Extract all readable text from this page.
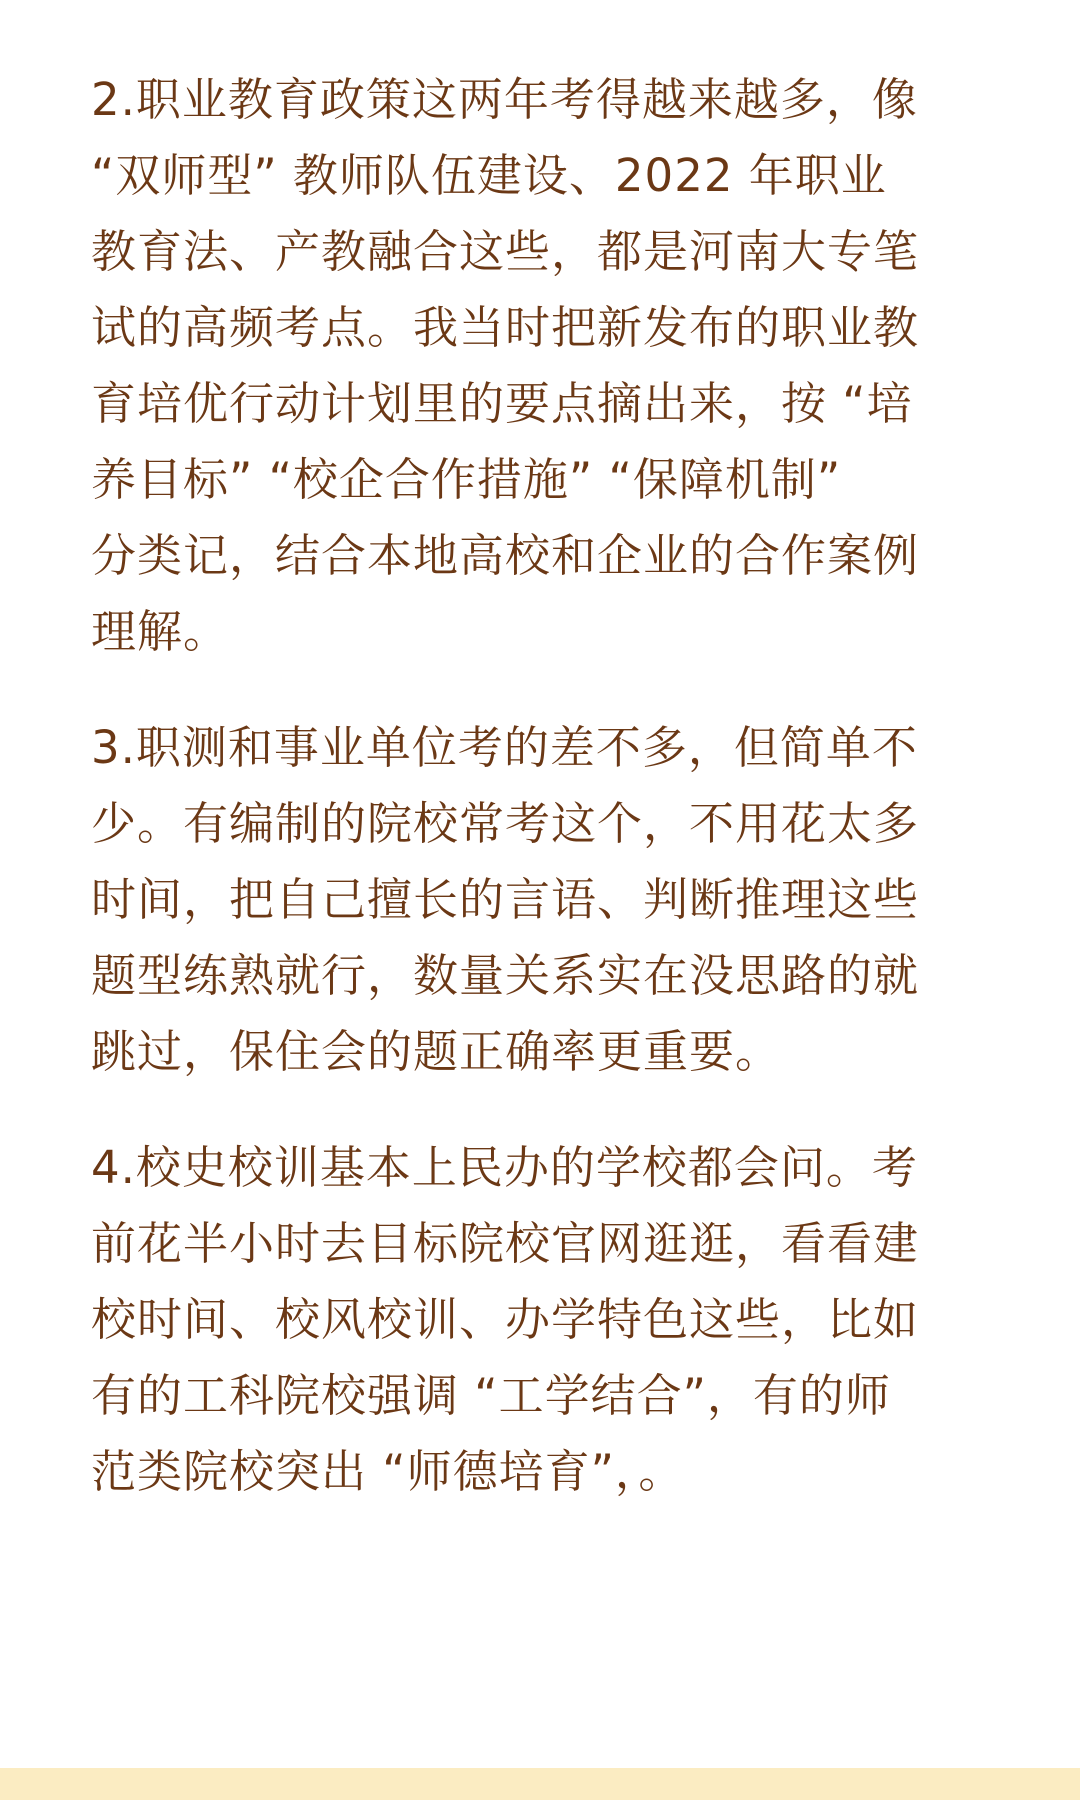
2.职业教育政策这两年考得越来越多，像
“双师型” 教师队伍建设、2022 年职业
教育法、产教融合这些，都是河南大专笔
试的高频考点。我当时把新发布的职业教
育培优行动计划里的要点摘出来，按 “培
养目标” “校企合作措施” “保障机制”
分类记，结合本地高校和企业的合作案例
理解。
3.职测和事业单位考的差不多，但简单不
少。有编制的院校常考这个，不用花太多
时间，把自己擅长的言语、判断推理这些
题型练熟就行，数量关系实在没思路的就
跳过，保住会的题正确率更重要。
4.校史校训基本上民办的学校都会问。考
前花半小时去目标院校官网逛逛，看看建
校时间、校风校训、办学特色这些，比如
有的工科院校强调 “工学结合”，有的师
范类院校突出 “师德培育”，。
